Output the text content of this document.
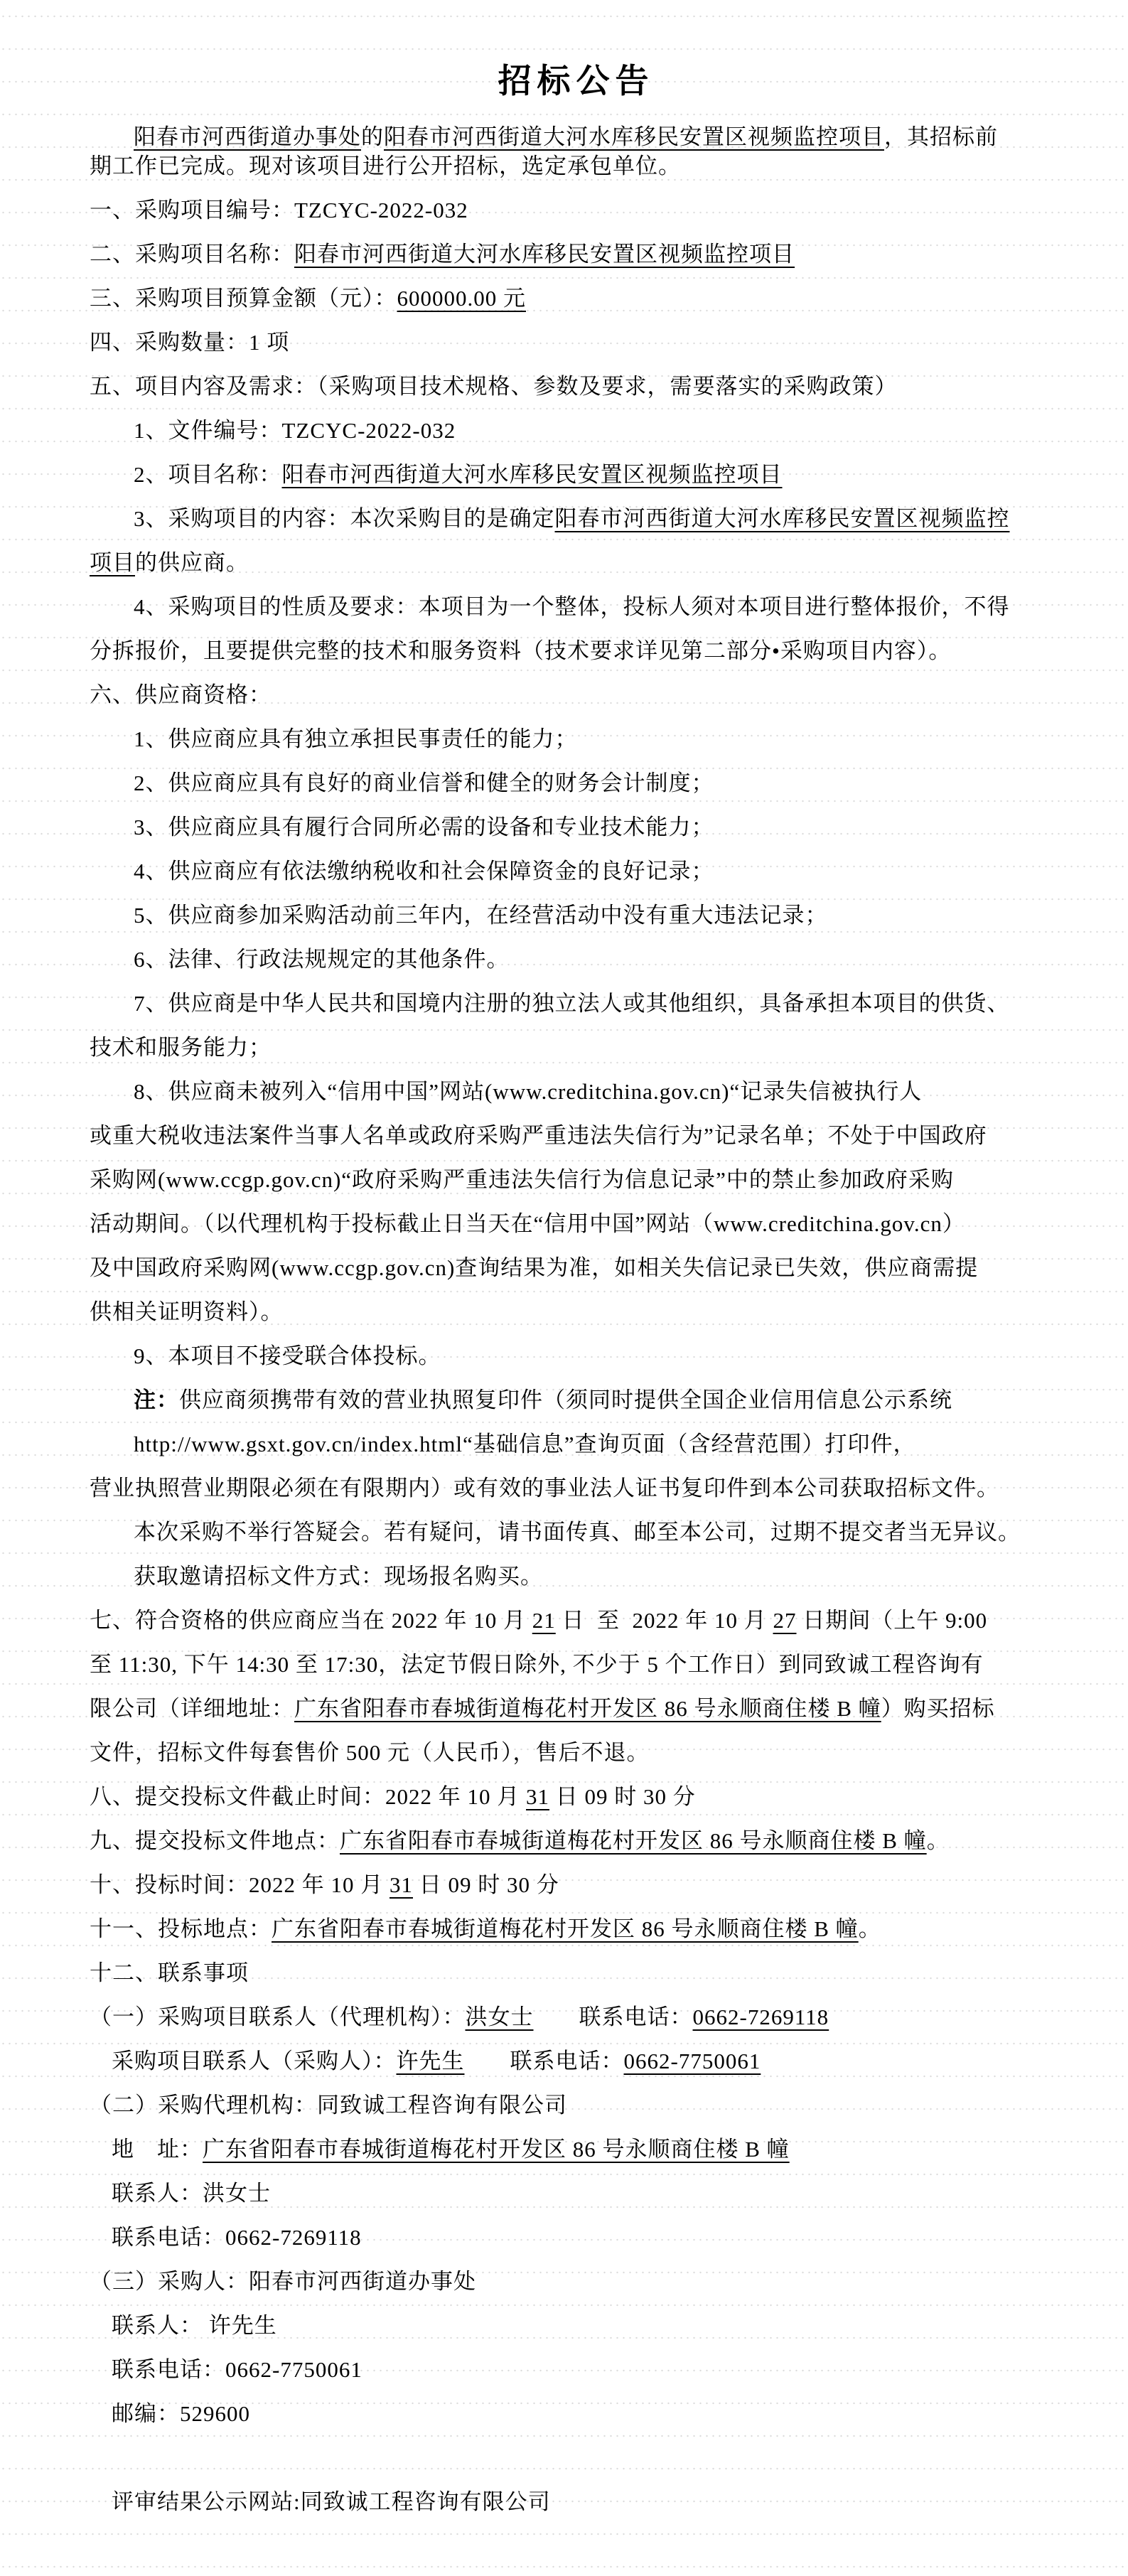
招标公告
阳春市河西街道办事处的阳春市河西街道大河水库移民安置区视频监控项目，其招标前
期工作已完成。现对该项目进行公开招标，选定承包单位。
一、采购项目编号：TZCYC-2022-032
二、采购项目名称：阳春市河西街道大河水库移民安置区视频监控项目
三、采购项目预算金额（元）：600000.00 元
四、采购数量：1 项
五、项目内容及需求：（采购项目技术规格、参数及要求，需要落实的采购政策）
1、文件编号：TZCYC-2022-032
2、项目名称：阳春市河西街道大河水库移民安置区视频监控项目
3、采购项目的内容：本次采购目的是确定阳春市河西街道大河水库移民安置区视频监控
项目的供应商。
4、采购项目的性质及要求：本项目为一个整体，投标人须对本项目进行整体报价，不得
分拆报价，且要提供完整的技术和服务资料（技术要求详见第二部分•采购项目内容）。
六、供应商资格：
1、供应商应具有独立承担民事责任的能力；
2、供应商应具有良好的商业信誉和健全的财务会计制度；
3、供应商应具有履行合同所必需的设备和专业技术能力；
4、供应商应有依法缴纳税收和社会保障资金的良好记录；
5、供应商参加采购活动前三年内，在经营活动中没有重大违法记录；
6、法律、行政法规规定的其他条件。
7、供应商是中华人民共和国境内注册的独立法人或其他组织，具备承担本项目的供货、
技术和服务能力；
8、供应商未被列入“信用中国”网站(www.creditchina.gov.cn)“记录失信被执行人
或重大税收违法案件当事人名单或政府采购严重违法失信行为”记录名单；不处于中国政府
采购网(www.ccgp.gov.cn)“政府采购严重违法失信行为信息记录”中的禁止参加政府采购
活动期间。（以代理机构于投标截止日当天在“信用中国”网站（www.creditchina.gov.cn）
及中国政府采购网(www.ccgp.gov.cn)查询结果为准，如相关失信记录已失效，供应商需提
供相关证明资料）。
9、本项目不接受联合体投标。
注：供应商须携带有效的营业执照复印件（须同时提供全国企业信用信息公示系统
http://www.gsxt.gov.cn/index.html“基础信息”查询页面（含经营范围）打印件，
营业执照营业期限必须在有限期内）或有效的事业法人证书复印件到本公司获取招标文件。
本次采购不举行答疑会。若有疑问，请书面传真、邮至本公司，过期不提交者当无异议。
获取邀请招标文件方式：现场报名购买。
七、符合资格的供应商应当在 2022 年 10 月 21 日  至  2022 年 10 月 27 日期间（上午 9:00
至 11:30, 下午 14:30 至 17:30，法定节假日除外, 不少于 5 个工作日）到同致诚工程咨询有
限公司（详细地址：广东省阳春市春城街道梅花村开发区 86 号永顺商住楼 B 幢）购买招标
文件，招标文件每套售价 500 元（人民币），售后不退。
八、提交投标文件截止时间：2022 年 10 月 31 日 09 时 30 分
九、提交投标文件地点：广东省阳春市春城街道梅花村开发区 86 号永顺商住楼 B 幢。
十、投标时间：2022 年 10 月 31 日 09 时 30 分
十一、投标地点：广东省阳春市春城街道梅花村开发区 86 号永顺商住楼 B 幢。
十二、联系事项
（一）采购项目联系人（代理机构）：洪女士　　联系电话：0662-7269118
采购项目联系人（采购人）：许先生　　联系电话：0662-7750061
（二）采购代理机构：同致诚工程咨询有限公司
地　址：广东省阳春市春城街道梅花村开发区 86 号永顺商住楼 B 幢
联系人：洪女士
联系电话：0662-7269118
（三）采购人：阳春市河西街道办事处
联系人： 许先生
联系电话：0662-7750061
邮编：529600
评审结果公示网站:同致诚工程咨询有限公司
